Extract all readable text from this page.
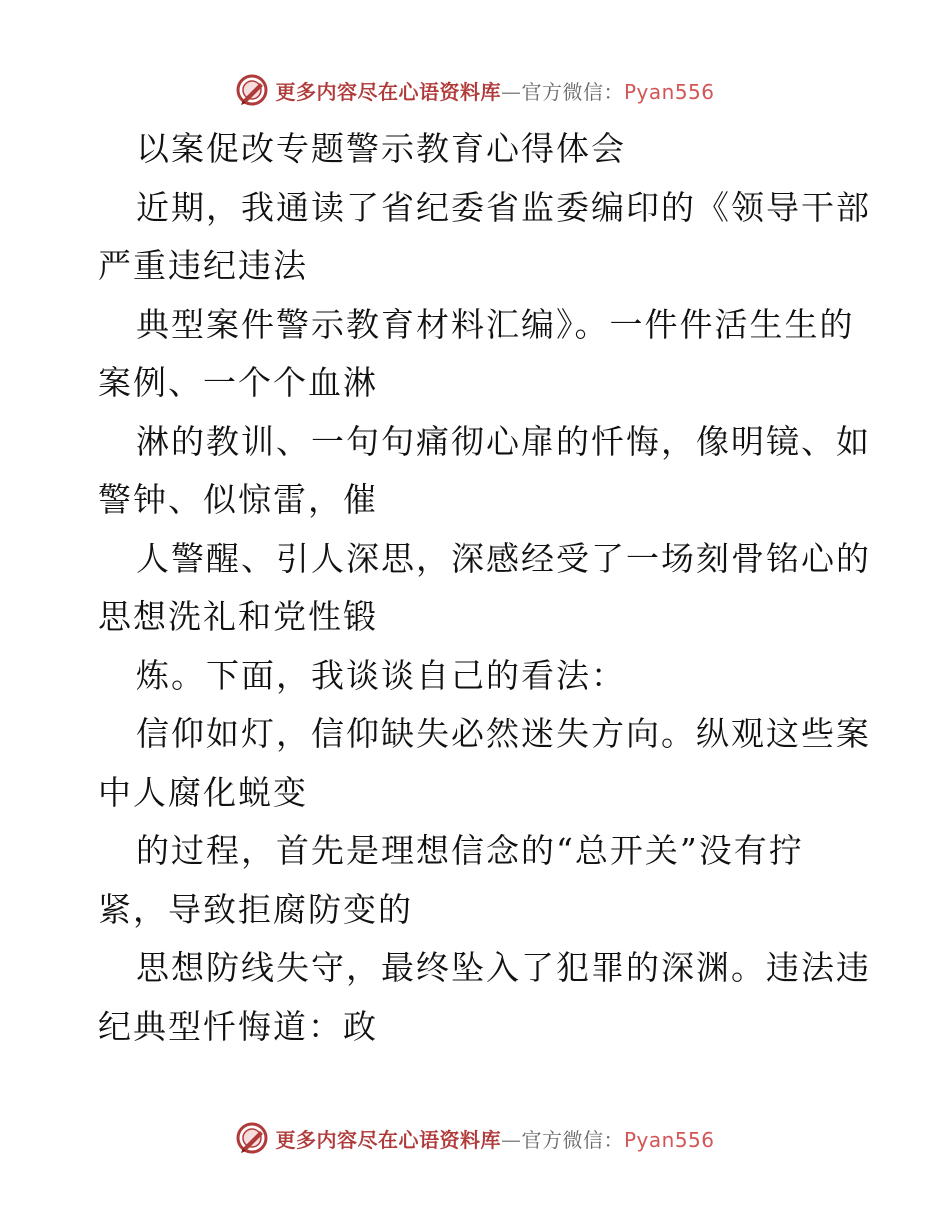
更多内容尽在心语资料库—官方微信：Pyan556
以案促改专题警示教育心得体会
近期，我通读了省纪委省监委编印的《领导干部
严重违纪违法
典型案件警示教育材料汇编》。一件件活生生的
案例、一个个血淋
淋的教训、一句句痛彻心扉的忏悔，像明镜、如
警钟、似惊雷，催
人警醒、引人深思，深感经受了一场刻骨铭心的
思想洗礼和党性锻
炼。下面，我谈谈自己的看法：
信仰如灯，信仰缺失必然迷失方向。纵观这些案
中人腐化蜕变
的过程，首先是理想信念的“总开关”没有拧
紧，导致拒腐防变的
思想防线失守，最终坠入了犯罪的深渊。违法违
纪典型忏悔道：政
更多内容尽在心语资料库—官方微信：Pyan556
